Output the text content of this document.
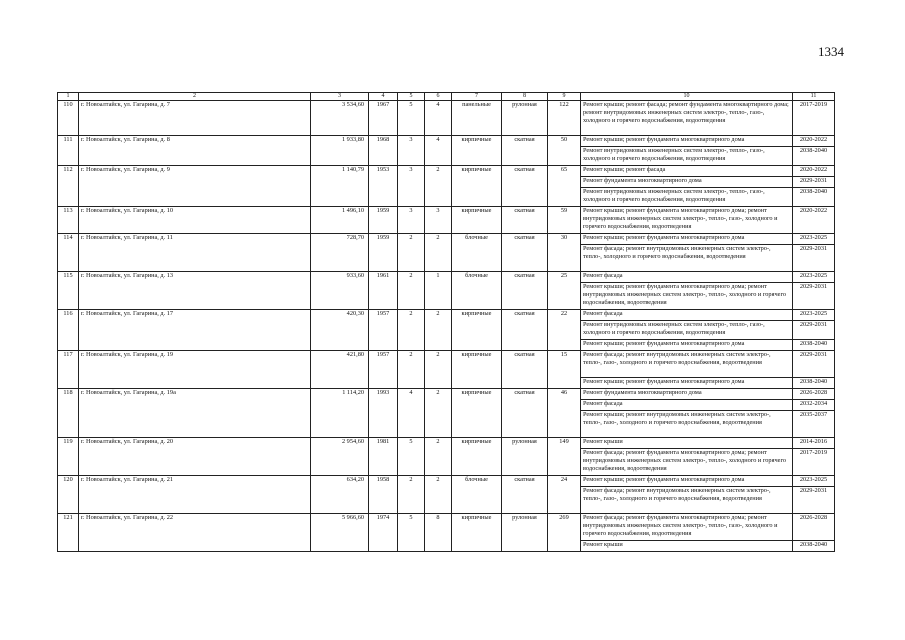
1334
1	2	3	4	5	6	7	8	9	10	11
110	г. Новоалтайск, ул. Гагарина, д. 7	3 534,60	1967	5	4	панельные	рулонная	122	Ремонт крыши; ремонт фасада; ремонт фундамента многоквартирного дома; ремонт внутридомовых инженерных систем электро-, тепло-, газо-, холодного и горячего водоснабжения, водоотведения	2017-2019
111	г. Новоалтайск, ул. Гагарина, д. 8	1 933,80	1968	3	4	кирпичные	скатная	50	Ремонт крыши; ремонт фундамента многоквартирного дома	2020-2022
									Ремонт внутридомовых инженерных систем электро-, тепло-, газо-, холодного и горячего водоснабжения, водоотведения	2038-2040
112	г. Новоалтайск, ул. Гагарина, д. 9	1 140,79	1953	3	2	кирпичные	скатная	65	Ремонт крыши; ремонт фасада	2020-2022
									Ремонт фундамента многоквартирного дома	2029-2031
									Ремонт внутридомовых инженерных систем электро-, тепло-, газо-, холодного и горячего водоснабжения, водоотведения	2038-2040
113	г. Новоалтайск, ул. Гагарина, д. 10	1 496,10	1959	3	3	кирпичные	скатная	59	Ремонт крыши; ремонт фундамента многоквартирного дома; ремонт внутридомовых инженерных систем электро-, тепло-, газо-, холодного и горячего водоснабжения, водоотведения	2020-2022
114	г. Новоалтайск, ул. Гагарина, д. 11	728,70	1959	2	2	блочные	скатная	30	Ремонт крыши; ремонт фундамента многоквартирного дома	2023-2025
									Ремонт фасада; ремонт внутридомовых инженерных систем электро-, тепло-, холодного и горячего водоснабжения, водоотведения	2029-2031
115	г. Новоалтайск, ул. Гагарина, д. 13	933,60	1961	2	1	блочные	скатная	25	Ремонт фасада	2023-2025
									Ремонт крыши; ремонт фундамента многоквартирного дома; ремонт внутридомовых инженерных систем электро-, тепло-, холодного и горячего водоснабжения, водоотведения	2029-2031
116	г. Новоалтайск, ул. Гагарина, д. 17	420,30	1957	2	2	кирпичные	скатная	22	Ремонт фасада	2023-2025
									Ремонт внутридомовых инженерных систем электро-, тепло-, газо-, холодного и горячего водоснабжения, водоотведения	2029-2031
									Ремонт крыши; ремонт фундамента многоквартирного дома	2038-2040
117	г. Новоалтайск, ул. Гагарина, д. 19	421,80	1957	2	2	кирпичные	скатная	15	Ремонт фасада; ремонт внутридомовых инженерных систем электро-, тепло-, газо-, холодного и горячего водоснабжения, водоотведения	2029-2031
									Ремонт крыши; ремонт фундамента многоквартирного дома	2038-2040
118	г. Новоалтайск, ул. Гагарина, д. 19а	1 114,20	1993	4	2	кирпичные	скатная	46	Ремонт фундамента многоквартирного дома	2026-2028
									Ремонт фасада	2032-2034
									Ремонт крыши; ремонт внутридомовых инженерных систем электро-, тепло-, газо-, холодного и горячего водоснабжения, водоотведения	2035-2037
119	г. Новоалтайск, ул. Гагарина, д. 20	2 954,60	1981	5	2	кирпичные	рулонная	149	Ремонт крыши	2014-2016
									Ремонт фасада; ремонт фундамента многоквартирного дома; ремонт внутридомовых инженерных систем электро-, тепло-, холодного и горячего водоснабжения, водоотведения	2017-2019
120	г. Новоалтайск, ул. Гагарина, д. 21	634,20	1958	2	2	блочные	скатная	24	Ремонт крыши; ремонт фундамента многоквартирного дома	2023-2025
									Ремонт фасада; ремонт внутридомовых инженерных систем электро-, тепло-, газо-, холодного и горячего водоснабжения, водоотведения	2029-2031
121	г. Новоалтайск, ул. Гагарина, д. 22	5 966,60	1974	5	8	кирпичные	рулонная	269	Ремонт фасада; ремонт фундамента многоквартирного дома; ремонт внутридомовых инженерных систем электро-, тепло-, газо-, холодного и горячего водоснабжения, водоотведения	2026-2028
									Ремонт крыши	2038-2040
